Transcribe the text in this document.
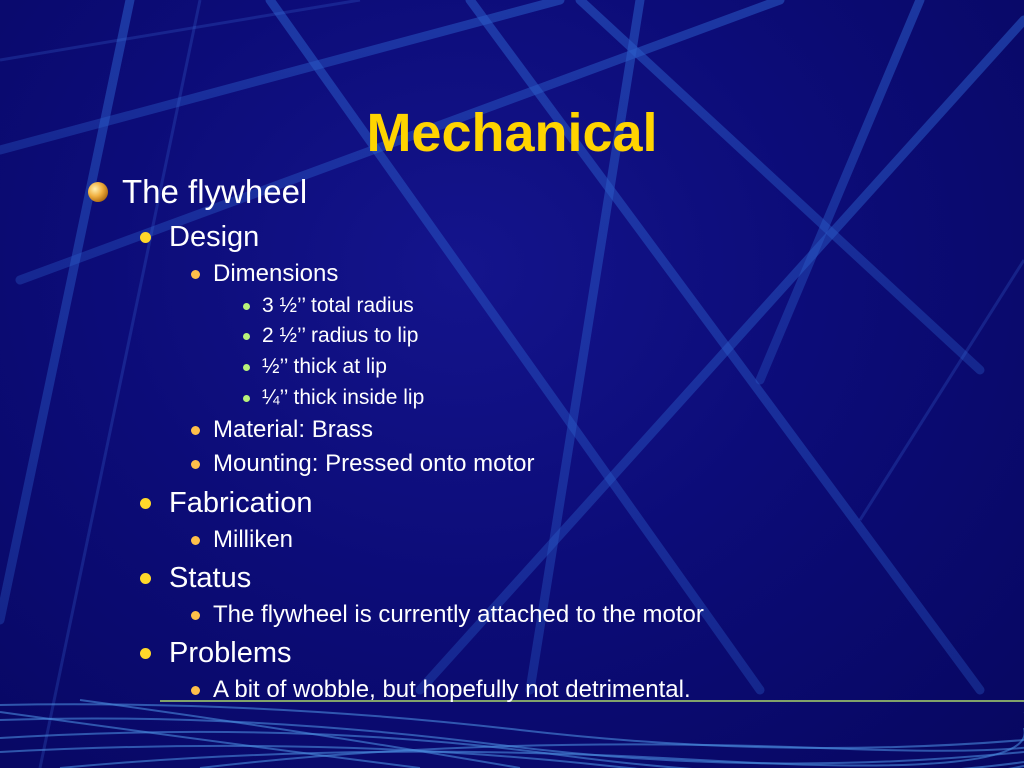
Mechanical
The flywheel
Design
Dimensions
3 ½’’ total radius
2 ½’’ radius to lip
½’’ thick at lip
¼’’ thick inside lip
Material: Brass
Mounting: Pressed onto motor
Fabrication
Milliken
Status
The flywheel is currently attached to the motor
Problems
A bit of wobble, but hopefully not detrimental.
